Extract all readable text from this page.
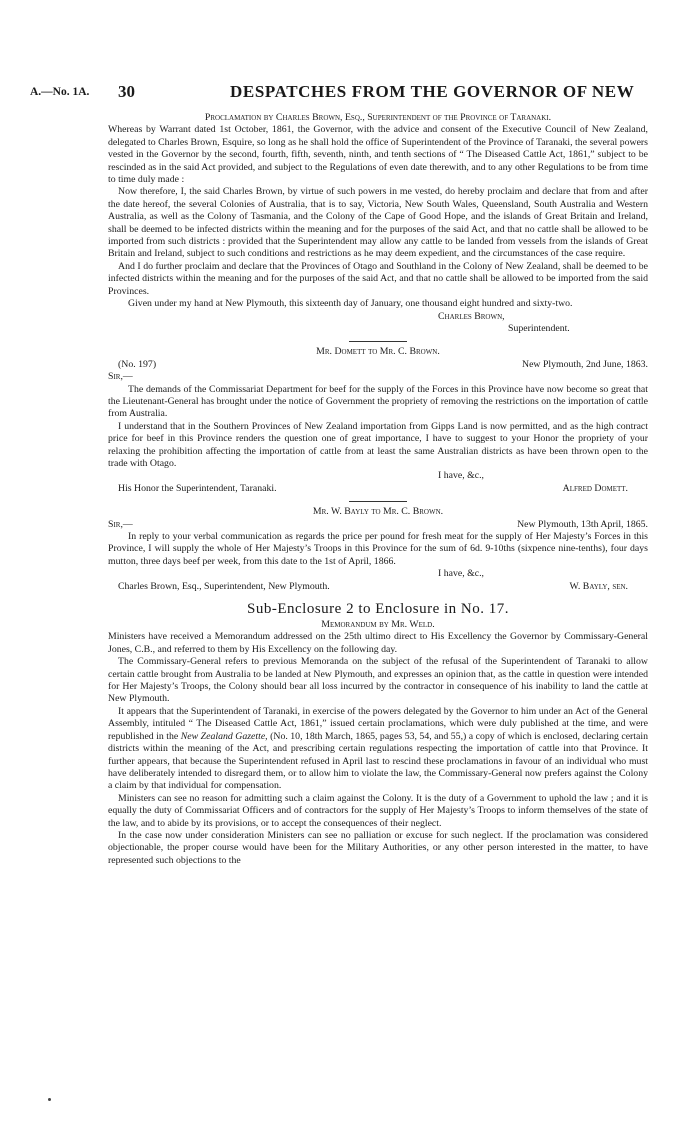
A.—No. 1A. 30	DESPATCHES FROM THE GOVERNOR OF NEW

Proclamation by Charles Brown, Esq., Superintendent of the Province of Taranaki.

Whereas by Warrant dated 1st October, 1861, the Governor, with the advice and consent of the Executive Council of New Zealand, delegated to Charles Brown, Esquire, so long as he shall hold the office of Superintendent of the Province of Taranaki, the several powers vested in the Governor by the second, fourth, fifth, seventh, ninth, and tenth sections of “ The Diseased Cattle Act, 1861,” subject to be rescinded as in the said Act provided, and subject to the Regulations of even date therewith, and to any other Regulations to be from time to time duly made :

Now therefore, I, the said Charles Brown, by virtue of such powers in me vested, do hereby proclaim and declare that from and after the date hereof, the several Colonies of Australia, that is to say, Victoria, New South Wales, Queensland, South Australia and Western Australia, as well as the Colony of Tasmania, and the Colony of the Cape of Good Hope, and the islands of Great Britain and Ireland, shall be deemed to be infected districts within the meaning and for the purposes of the said Act, and that no cattle shall be allowed to be imported from such districts : provided that the Superintendent may allow any cattle to be landed from vessels from the islands of Great Britain and Ireland, subject to such conditions and restrictions as he may deem expedient, and the circumstances of the case require.

And I do further proclaim and declare that the Provinces of Otago and Southland in the Colony of New Zealand, shall be deemed to be infected districts within the meaning and for the purposes of the said Act, and that no cattle shall be allowed to be imported from the said Provinces.

Given under my hand at New Plymouth, this sixteenth day of January, one thousand eight hundred and sixty-two.

Charles Brown,

Superintendent.

Mr. Domett to Mr. C. Brown.

(No. 197)	New Plymouth, 2nd June, 1863.

Sir,—

The demands of the Commissariat Department for beef for the supply of the Forces in this Province have now become so great that the Lieutenant-General has brought under the notice of Government the propriety of removing the restrictions on the importation of cattle from Australia.

I understand that in the Southern Provinces of New Zealand importation from Gipps Land is now permitted, and as the high contract price for beef in this Province renders the question one of great importance, I have to suggest to your Honor the propriety of your relaxing the prohibition affecting the importation of cattle from at least the same Australian districts as have been thrown open to the trade with Otago.

I have, &c.,

His Honor the Superintendent, Taranaki.	Alfred Domett.

Mr. W. Bayly to Mr. C. Brown.

Sir,—	New Plymouth, 13th April, 1865.

In reply to your verbal communication as regards the price per pound for fresh meat for the supply of Her Majesty’s Forces in this Province, I will supply the whole of Her Majesty’s Troops in this Province for the sum of 6d. 9-10ths (sixpence nine-tenths), four days mutton, three days beef per week, from this date to the 1st of April, 1866.

I have, &c.,

Charles Brown, Esq., Superintendent, New Plymouth.	W. Bayly, sen.

Sub-Enclosure 2 to Enclosure in No. 17.

Memorandum by Mr. Weld.

Ministers have received a Memorandum addressed on the 25th ultimo direct to His Excellency the Governor by Commissary-General Jones, C.B., and referred to them by His Excellency on the following day.

The Commissary-General refers to previous Memoranda on the subject of the refusal of the Superintendent of Taranaki to allow certain cattle brought from Australia to be landed at New Plymouth, and expresses an opinion that, as the cattle in question were intended for Her Majesty’s Troops, the Colony should bear all loss incurred by the contractor in consequence of his inability to land the cattle at New Plymouth.

It appears that the Superintendent of Taranaki, in exercise of the powers delegated by the Governor to him under an Act of the General Assembly, intituled “ The Diseased Cattle Act, 1861,” issued certain proclamations, which were duly published at the time, and were republished in the New Zealand Gazette, (No. 10, 18th March, 1865, pages 53, 54, and 55,) a copy of which is enclosed, declaring certain districts within the meaning of the Act, and prescribing certain regulations respecting the importation of cattle into that Province. It further appears, that because the Superintendent refused in April last to rescind these proclamations in favour of an individual who must have deliberately intended to disregard them, or to allow him to violate the law, the Commissary-General now prefers against the Colony a claim by that individual for compensation.

Ministers can see no reason for admitting such a claim against the Colony. It is the duty of a Government to uphold the law ; and it is equally the duty of Commissariat Officers and of contractors for the supply of Her Majesty’s Troops to inform themselves of the state of the law, and to abide by its provisions, or to accept the consequences of their neglect.

In the case now under consideration Ministers can see no palliation or excuse for such neglect. If the proclamation was considered objectionable, the proper course would have been for the Military Authorities, or any other person interested in the matter, to have represented such objections to the
